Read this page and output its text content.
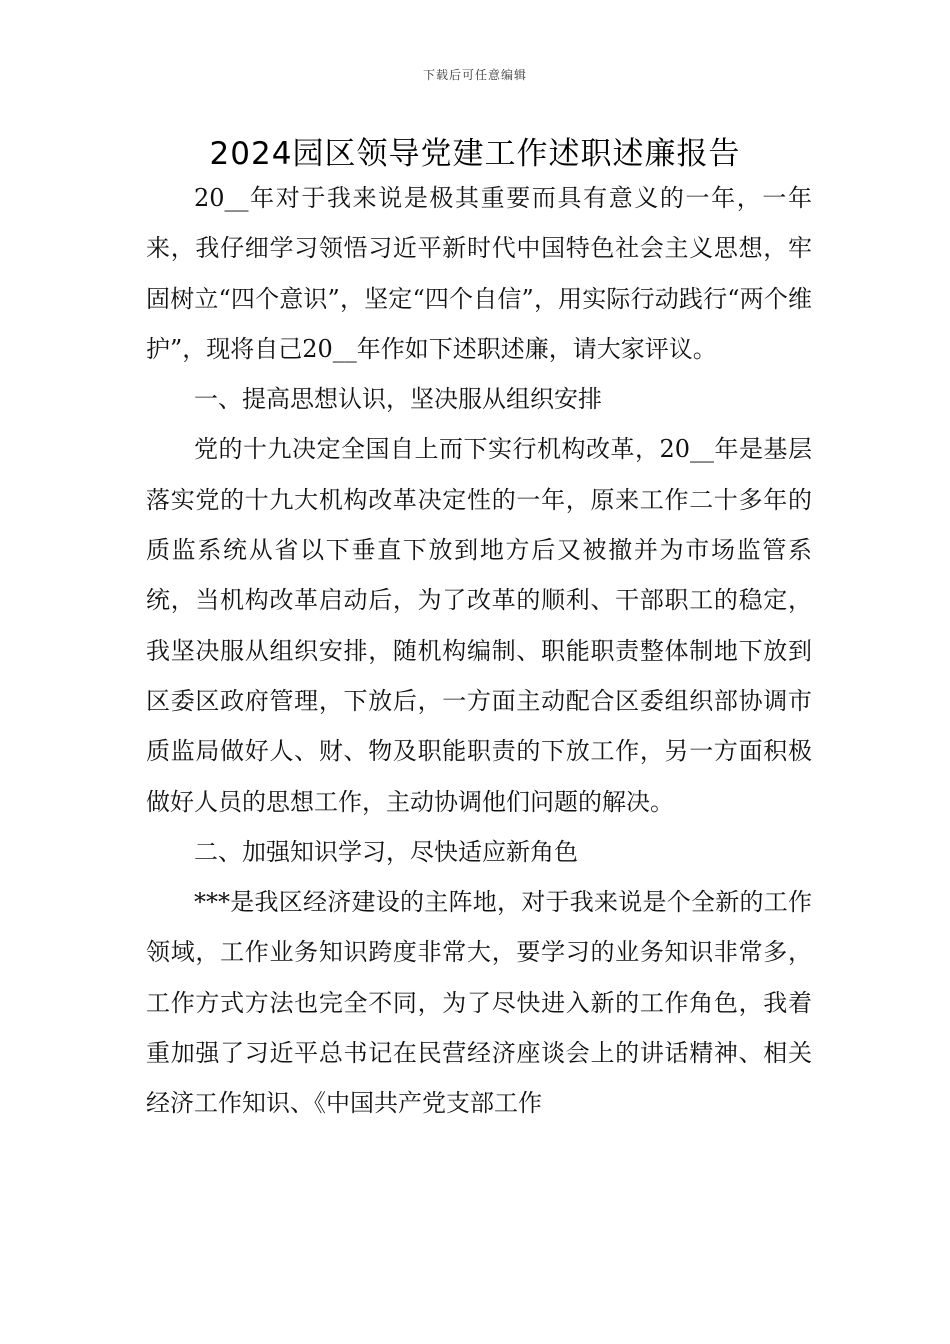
下载后可任意编辑
2024园区领导党建工作述职述廉报告

20__年对于我来说是极其重要而具有意义的一年，一年来，我仔细学习领悟习近平新时代中国特色社会主义思想，牢固树立“四个意识”，坚定“四个自信”，用实际行动践行“两个维护”，现将自己20__年作如下述职述廉，请大家评议。

一、提高思想认识，坚决服从组织安排

党的十九决定全国自上而下实行机构改革，20__年是基层落实党的十九大机构改革决定性的一年，原来工作二十多年的质监系统从省以下垂直下放到地方后又被撤并为市场监管系统，当机构改革启动后，为了改革的顺利、干部职工的稳定，我坚决服从组织安排，随机构编制、职能职责整体制地下放到区委区政府管理，下放后，一方面主动配合区委组织部协调市质监局做好人、财、物及职能职责的下放工作，另一方面积极做好人员的思想工作，主动协调他们问题的解决。

二、加强知识学习，尽快适应新角色

***是我区经济建设的主阵地，对于我来说是个全新的工作领域，工作业务知识跨度非常大，要学习的业务知识非常多，工作方式方法也完全不同，为了尽快进入新的工作角色，我着重加强了习近平总书记在民营经济座谈会上的讲话精神、相关经济工作知识、《中国共产党支部工作
